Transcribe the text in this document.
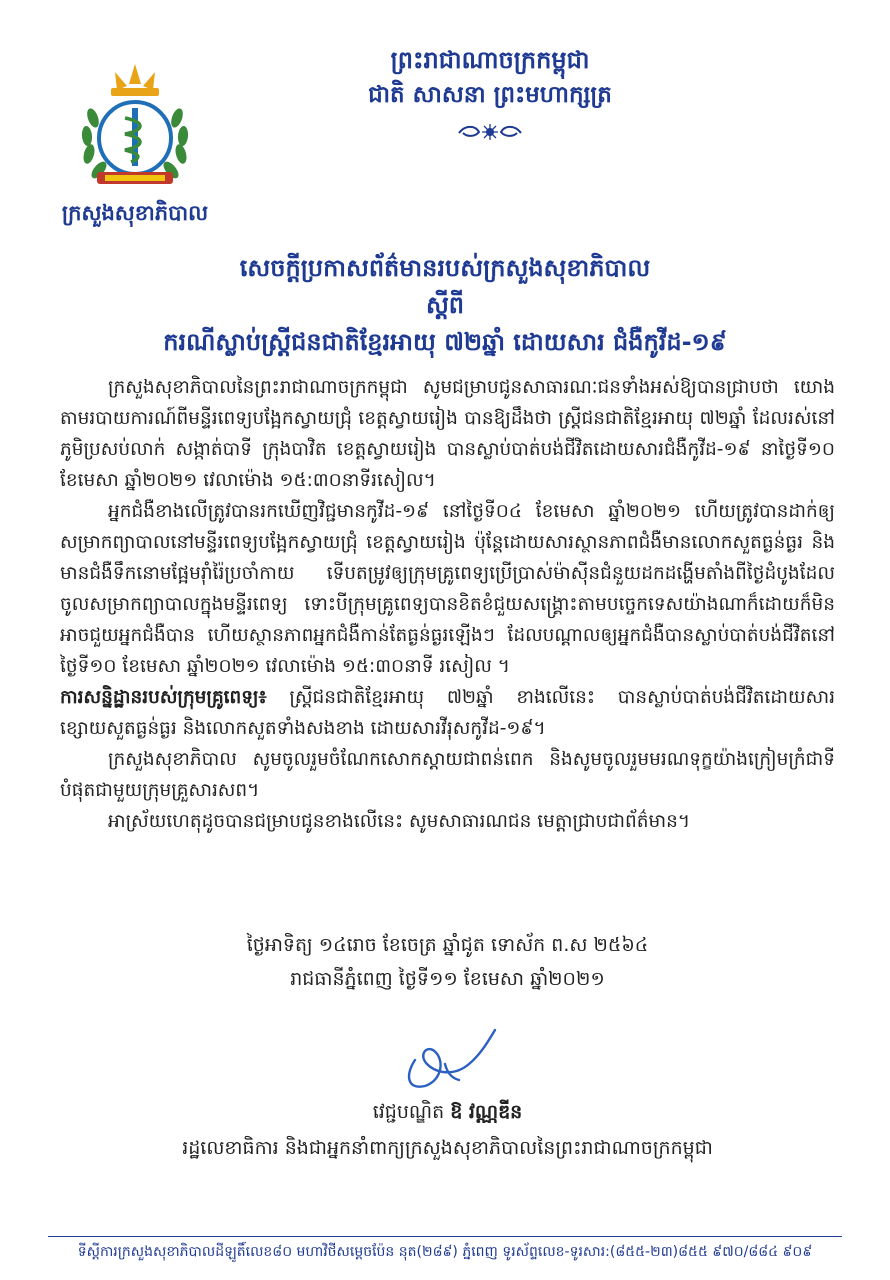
ក្រសួងសុខាភិបាល
ព្រះរាជាណាចក្រកម្ពុជា
ជាតិ សាសនា ព្រះមហាក្សត្រ
សេចក្តីប្រកាសព័ត៌មានរបស់ក្រសួងសុខាភិបាល
ស្តីពី
ករណីស្លាប់ស្ត្រីជនជាតិខ្មែរអាយុ ៧២ឆ្នាំ ដោយសារ ជំងឺកូវីដ-១៩

ក្រសួងសុខាភិបាលនៃព្រះរាជាណាចក្រកម្ពុជា សូមជម្រាបជូនសាធារណៈជនទាំងអស់ឱ្យបានជ្រាបថា យោងតាមរបាយការណ៍ពីមន្ទីរពេទ្យបង្អែកស្វាយជ្រុំ ខេត្តស្វាយរៀង បានឱ្យដឹងថា ស្ត្រីជនជាតិខ្មែរអាយុ ៧២ឆ្នាំ ដែលរស់នៅភូមិប្រសប់លាក់ សង្កាត់បាទី ក្រុងបាវិត ខេត្តស្វាយរៀង បានស្លាប់បាត់បង់ជីវិតដោយសារជំងឺកូវីដ-១៩ នាថ្ងៃទី១០ ខែមេសា ឆ្នាំ២០២១ វេលាម៉ោង ១៥:៣០នាទីរសៀល។

អ្នកជំងឺខាងលើត្រូវបានរកឃើញវិជ្ជមានកូវីដ-១៩ នៅថ្ងៃទី០៤ ខែមេសា ឆ្នាំ២០២១ ហើយត្រូវបានដាក់ឲ្យសម្រាកព្យាបាលនៅមន្ទីរពេទ្យបង្អែកស្វាយជ្រុំ ខេត្តស្វាយរៀង ប៉ុន្តែដោយសារស្ថានភាពជំងឺមានលោកសួតធ្ងន់ធ្ងរ និងមានជំងឺទឹកនោមផ្អែមរ៉ាំរ៉ៃប្រចាំកាយ ទើបតម្រូវឲ្យក្រុមគ្រូពេទ្យប្រើប្រាស់ម៉ាស៊ីនជំនួយដកដង្ហើមតាំងពីថ្ងៃដំបូងដែលចូលសម្រាកព្យាបាលក្នុងមន្ទីរពេទ្យ ទោះបីក្រុមគ្រូពេទ្យបានខិតខំជួយសង្គ្រោះតាមបច្ចេកទេសយ៉ាងណាក៏ដោយក៏មិនអាចជួយអ្នកជំងឺបាន ហើយស្ថានភាពអ្នកជំងឺកាន់តែធ្ងន់ធ្ងរឡើងៗ ដែលបណ្តាលឲ្យអ្នកជំងឺបានស្លាប់បាត់បង់ជីវិតនៅថ្ងៃទី១០ ខែមេសា ឆ្នាំ២០២១ វេលាម៉ោង ១៥:៣០នាទី រសៀល ។

ការសន្និដ្ឋានរបស់ក្រុមគ្រូពេទ្យ៖ ស្ត្រីជនជាតិខ្មែរអាយុ ៧២ឆ្នាំ ខាងលើនេះ បានស្លាប់បាត់បង់ជីវិតដោយសារ ខ្សោយសួតធ្ងន់ធ្ងរ និងលោកសួតទាំងសងខាង ដោយសារវីរុសកូវីដ-១៩។

ក្រសួងសុខាភិបាល សូមចូលរួមចំណែកសោកស្តាយជាពន់ពេក និងសូមចូលរួមមរណទុក្ខយ៉ាងក្រៀមក្រំជាទីបំផុតជាមួយក្រុមគ្រួសារសព។

អាស្រ័យហេតុដូចបានជម្រាបជូនខាងលើនេះ សូមសាធារណជន មេត្តាជ្រាបជាព័ត៌មាន។

ថ្ងៃអាទិត្យ ១៤រោច ខែចេត្រ ឆ្នាំជូត ទោស័ក ព.ស ២៥៦៤
រាជធានីភ្នំពេញ ថ្ងៃទី១១ ខែមេសា ឆ្នាំ២០២១
វេជ្ជបណ្ឌិត ឱ វណ្ណឌីន
រដ្ឋលេខាធិការ និងជាអ្នកនាំពាក្យក្រសួងសុខាភិបាលនៃព្រះរាជាណាចក្រកម្ពុជា
ទីស្តីការក្រសួងសុខាភិបាលដីឡូតិ៍លេខ៨០ មហាវិថីសម្តេចប៉ែន នុត(២៨៩) ភ្នំពេញ ទូរស័ព្ទលេខ-ទូរសារ:(៨៥៥-២៣)៨៥៥ ៩៧០/៨៨៤ ៩០៩
